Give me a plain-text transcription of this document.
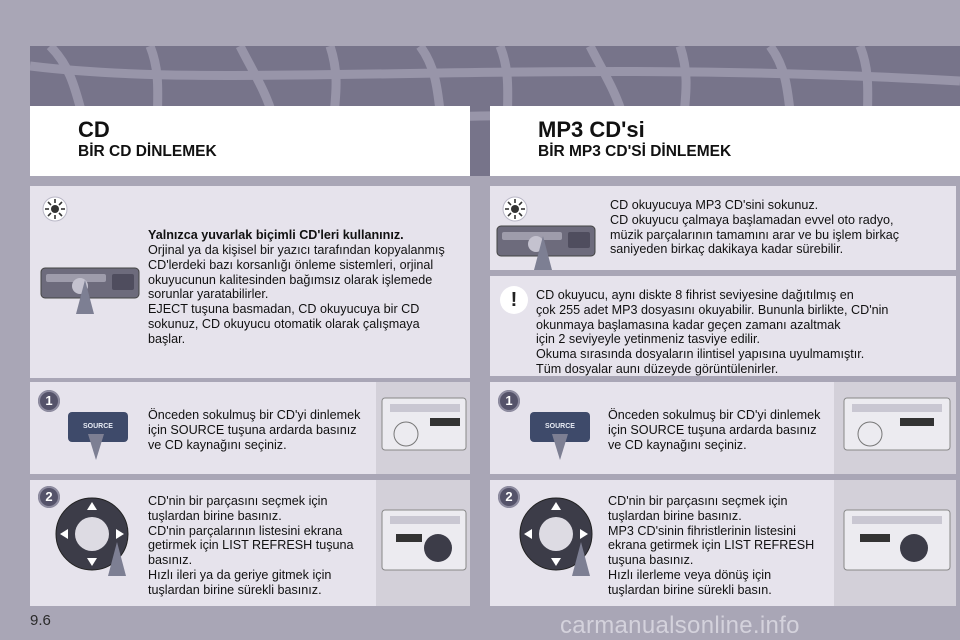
CD
BİR CD DİNLEMEK
MP3 CD'si
BİR MP3 CD'Sİ DİNLEMEK
Yalnızca yuvarlak biçimli CD'leri kullanınız.
Orjinal ya da kişisel bir yazıcı tarafından kopyalanmış
CD'lerdeki bazı korsanlığı önleme sistemleri, orjinal
okuyucunun kalitesinden bağımsız olarak işlemede
sorunlar yaratabilirler.
EJECT tuşuna basmadan, CD okuyucuya bir CD
sokunuz, CD okuyucu otomatik olarak çalışmaya
başlar.
1
SOURCE
Önceden sokulmuş bir CD'yi dinlemek
için SOURCE tuşuna ardarda basınız
ve CD kaynağını seçiniz.
2	CD'nin bir parçasını seçmek için
tuşlardan birine basınız.
CD'nin parçalarının listesini ekrana
getirmek için LIST REFRESH tuşuna
basınız.
Hızlı ileri ya da geriye gitmek için
tuşlardan birine sürekli basınız.
CD okuyucuya MP3 CD'sini sokunuz.
CD okuyucu çalmaya başlamadan evvel oto radyo,
müzik parçalarının tamamını arar ve bu işlem birkaç
saniyeden birkaç dakikaya kadar sürebilir.
!	CD okuyucu, aynı diskte 8 fihrist seviyesine dağıtılmış en
çok 255 adet MP3 dosyasını okuyabilir. Bununla birlikte, CD'nin
okunmaya başlamasına kadar geçen zamanı azaltmak
için 2 seviyeyle yetinmeniz tasviye edilir.
Okuma sırasında dosyaların ilintisel yapısına uyulmamıştır.
Tüm dosyalar aunı düzeyde görüntülenirler.
1
SOURCE
Önceden sokulmuş bir CD'yi dinlemek
için SOURCE tuşuna ardarda basınız
ve CD kaynağını seçiniz.
2	CD'nin bir parçasını seçmek için
tuşlardan birine basınız.
MP3 CD'sinin fihristlerinin listesini
ekrana getirmek için LIST REFRESH
tuşuna basınız.
Hızlı ilerleme veya dönüş için
tuşlardan birine sürekli basın.
9.6	carmanualsonline.info
